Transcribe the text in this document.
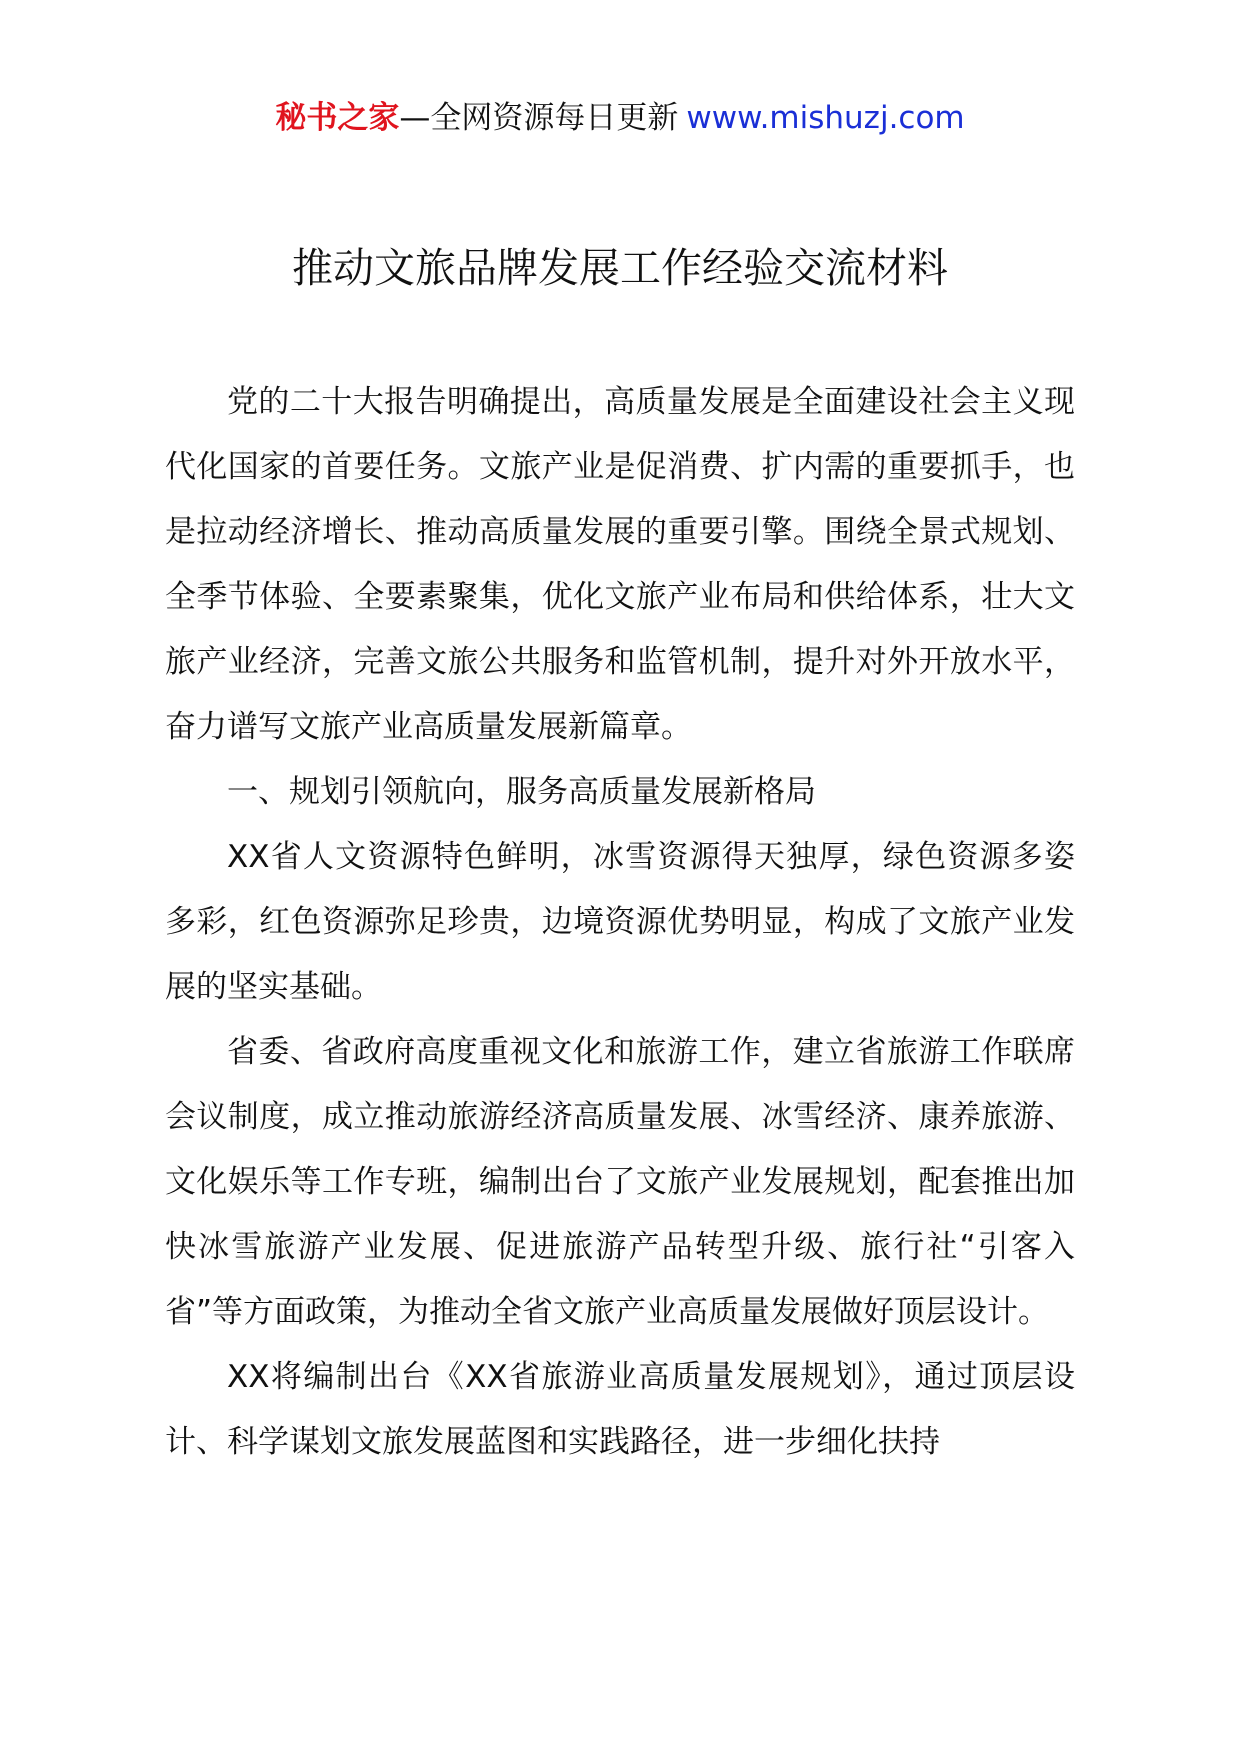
秘书之家—全网资源每日更新 www.mishuzj.com
推动文旅品牌发展工作经验交流材料

党的二十大报告明确提出，高质量发展是全面建设社会主义现代化国家的首要任务。文旅产业是促消费、扩内需的重要抓手，也是拉动经济增长、推动高质量发展的重要引擎。围绕全景式规划、全季节体验、全要素聚集，优化文旅产业布局和供给体系，壮大文旅产业经济，完善文旅公共服务和监管机制，提升对外开放水平，奋力谱写文旅产业高质量发展新篇章。

一、规划引领航向，服务高质量发展新格局

XX省人文资源特色鲜明，冰雪资源得天独厚，绿色资源多姿多彩，红色资源弥足珍贵，边境资源优势明显，构成了文旅产业发展的坚实基础。

省委、省政府高度重视文化和旅游工作，建立省旅游工作联席会议制度，成立推动旅游经济高质量发展、冰雪经济、康养旅游、文化娱乐等工作专班，编制出台了文旅产业发展规划，配套推出加快冰雪旅游产业发展、促进旅游产品转型升级、旅行社“引客入省”等方面政策，为推动全省文旅产业高质量发展做好顶层设计。

XX将编制出台《XX省旅游业高质量发展规划》，通过顶层设计、科学谋划文旅发展蓝图和实践路径，进一步细化扶持
